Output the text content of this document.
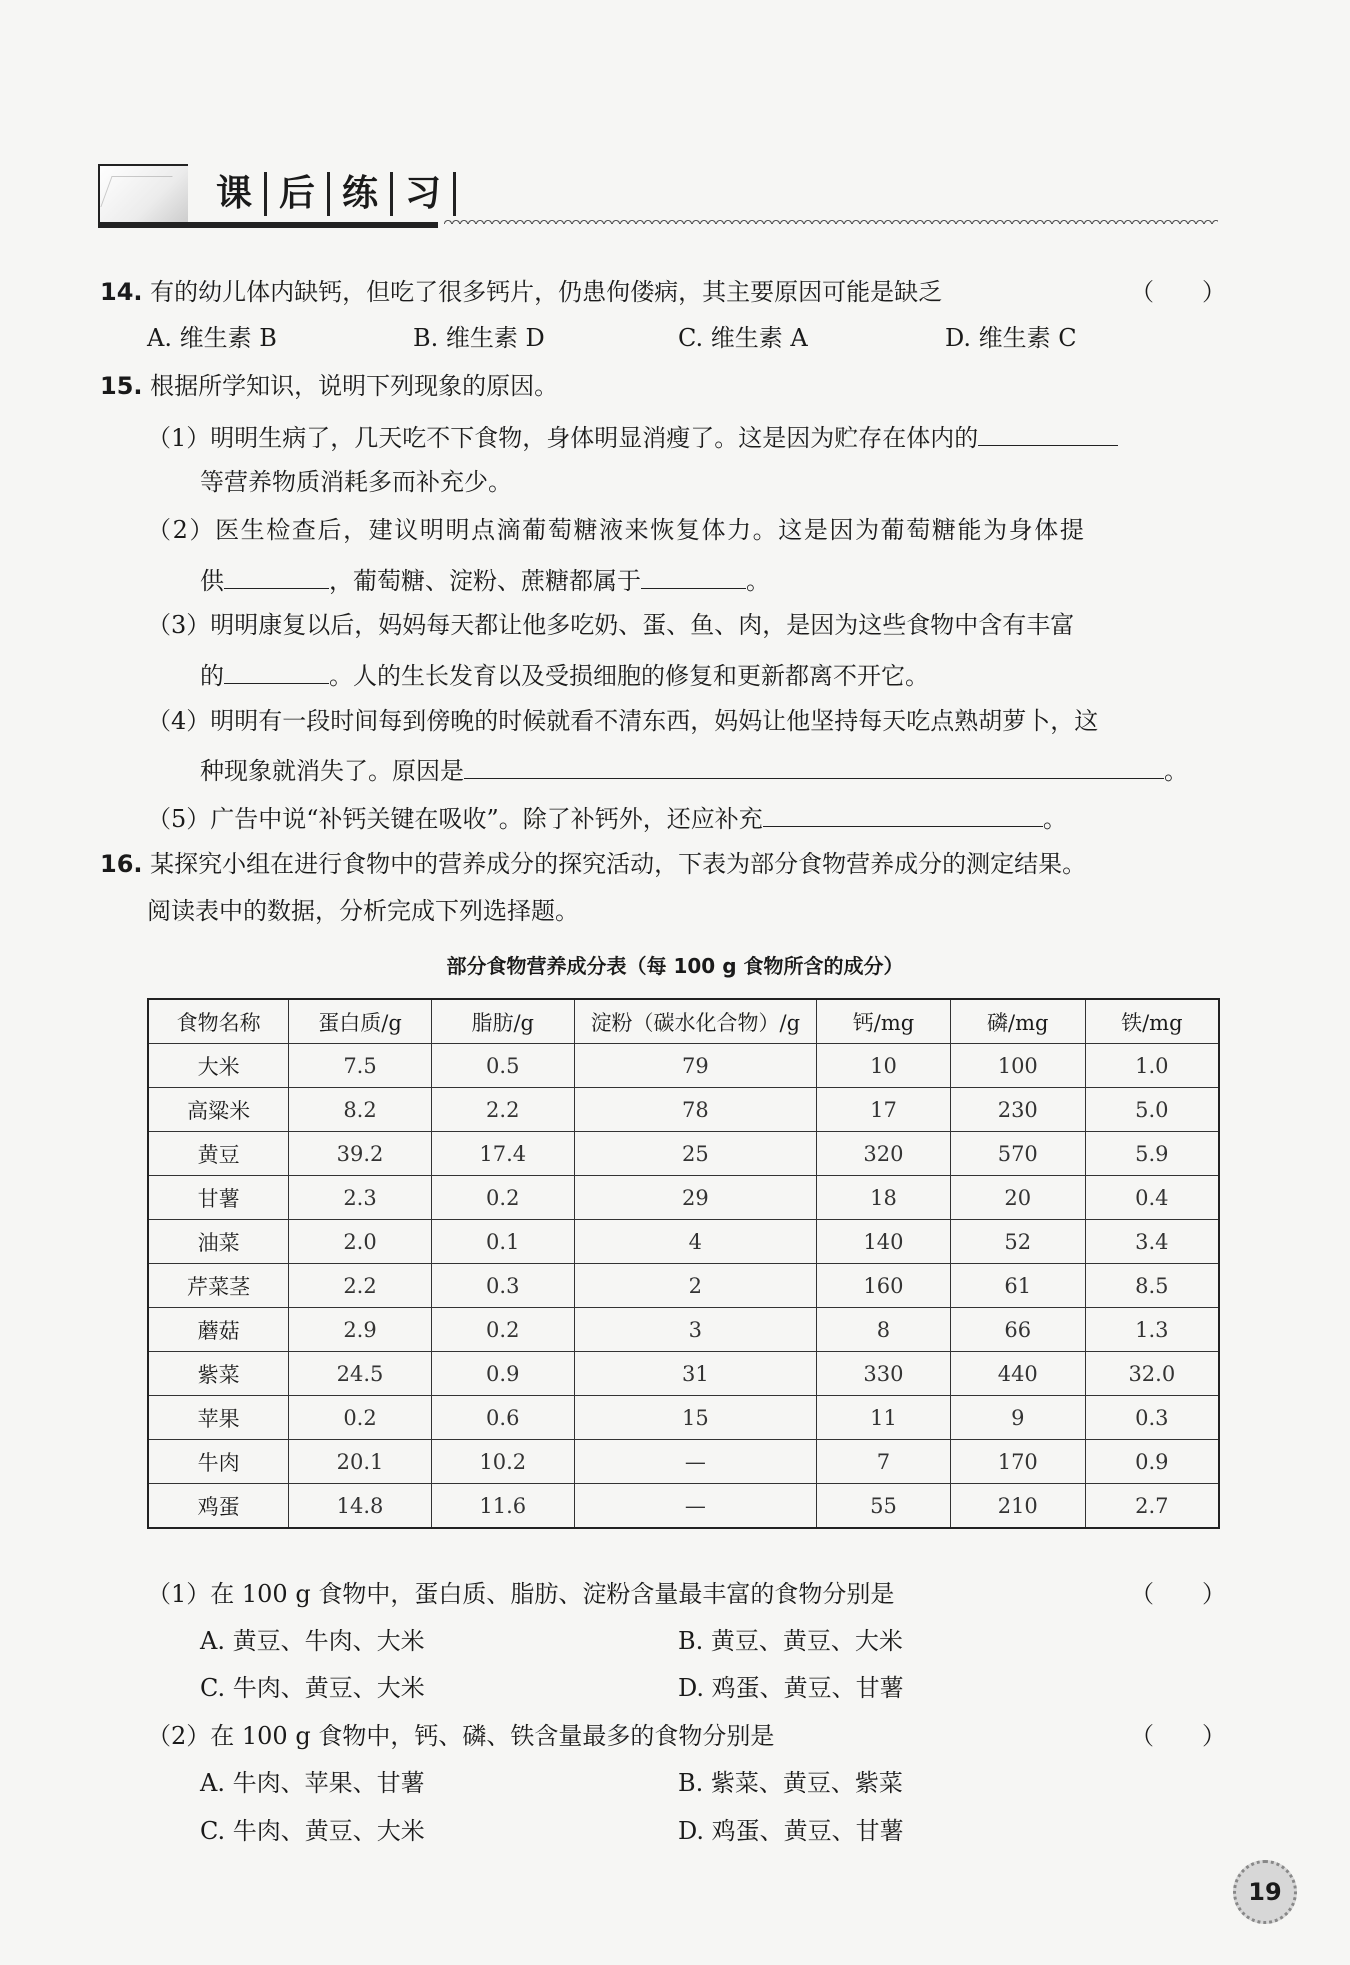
课 后 练 习
14. 有的幼儿体内缺钙，但吃了很多钙片，仍患佝偻病，其主要原因可能是缺乏	（　　）
A. 维生素 B	B. 维生素 D	C. 维生素 A	D. 维生素 C
15. 根据所学知识，说明下列现象的原因。
（1）明明生病了，几天吃不下食物，身体明显消瘦了。这是因为贮存在体内的
等营养物质消耗多而补充少。
（2）医生检查后，建议明明点滴葡萄糖液来恢复体力。这是因为葡萄糖能为身体提
供	，葡萄糖、淀粉、蔗糖都属于	。
（3）明明康复以后，妈妈每天都让他多吃奶、蛋、鱼、肉，是因为这些食物中含有丰富
的	。人的生长发育以及受损细胞的修复和更新都离不开它。
（4）明明有一段时间每到傍晚的时候就看不清东西，妈妈让他坚持每天吃点熟胡萝卜，这
种现象就消失了。原因是	。
（5）广告中说“补钙关键在吸收”。除了补钙外，还应补充	。
16. 某探究小组在进行食物中的营养成分的探究活动，下表为部分食物营养成分的测定结果。
阅读表中的数据，分析完成下列选择题。
部分食物营养成分表（每 100 g 食物所含的成分）
食物名称	蛋白质/g	脂肪/g	淀粉（碳水化合物）/g	钙/mg	磷/mg	铁/mg
大米	7.5	0.5	79	10	100	1.0
高粱米	8.2	2.2	78	17	230	5.0
黄豆	39.2	17.4	25	320	570	5.9
甘薯	2.3	0.2	29	18	20	0.4
油菜	2.0	0.1	4	140	52	3.4
芹菜茎	2.2	0.3	2	160	61	8.5
蘑菇	2.9	0.2	3	8	66	1.3
紫菜	24.5	0.9	31	330	440	32.0
苹果	0.2	0.6	15	11	9	0.3
牛肉	20.1	10.2	—	7	170	0.9
鸡蛋	14.8	11.6	—	55	210	2.7
（1）在 100 g 食物中，蛋白质、脂肪、淀粉含量最丰富的食物分别是	（　　）
A. 黄豆、牛肉、大米	B. 黄豆、黄豆、大米
C. 牛肉、黄豆、大米	D. 鸡蛋、黄豆、甘薯
（2）在 100 g 食物中，钙、磷、铁含量最多的食物分别是	（　　）
A. 牛肉、苹果、甘薯	B. 紫菜、黄豆、紫菜
C. 牛肉、黄豆、大米	D. 鸡蛋、黄豆、甘薯
19
